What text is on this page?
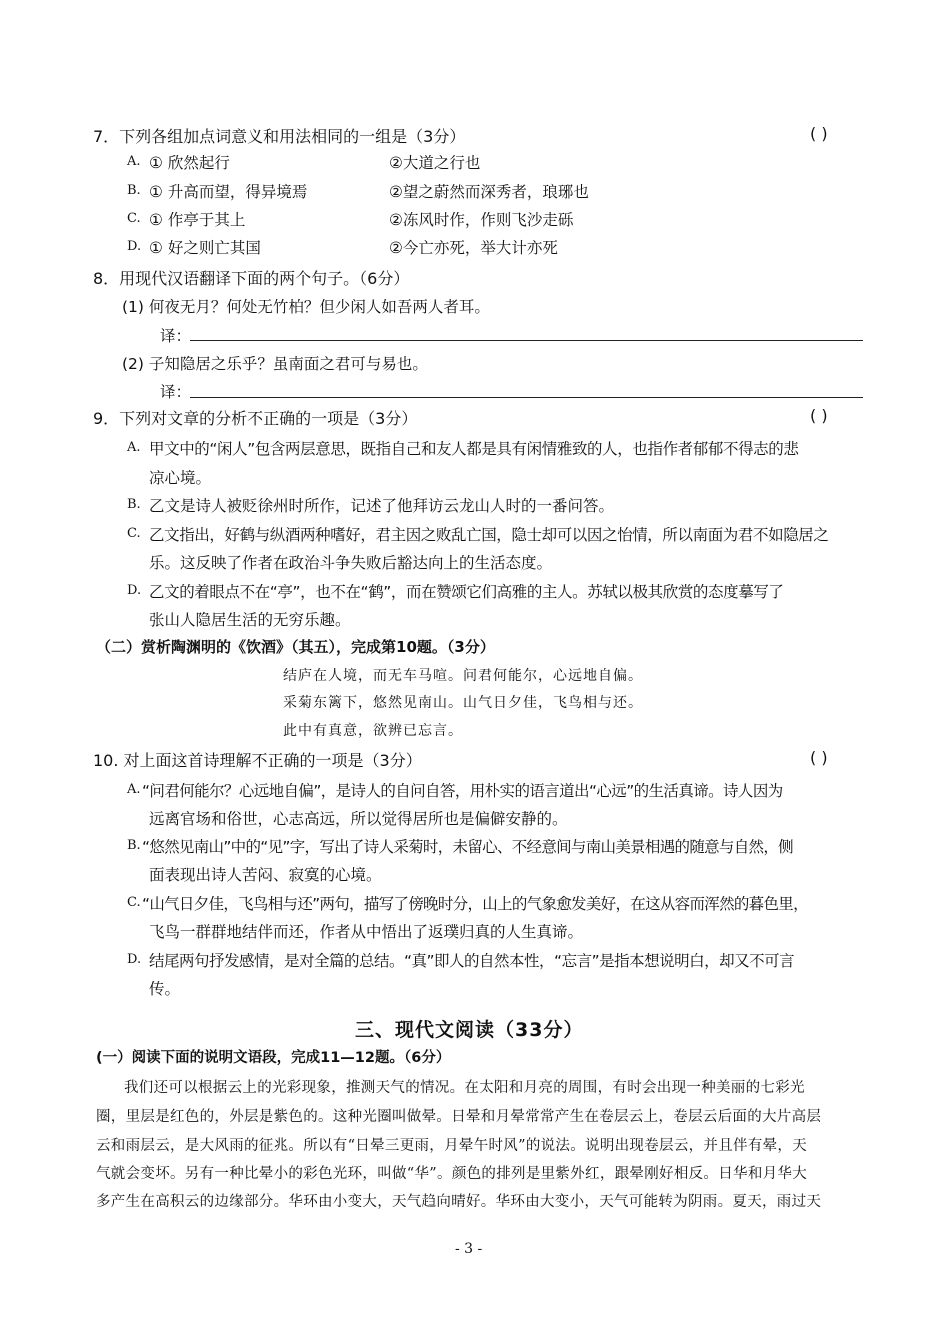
7．下列各组加点词意义和用法相同的一组是（3分）	( )
A. ① 欣然起行	②大道之行也
B. ① 升高而望，得异境焉	②望之蔚然而深秀者，琅琊也
C. ① 作亭于其上	②冻风时作，作则飞沙走砾
D. ① 好之则亡其国	②今亡亦死，举大计亦死
8．用现代汉语翻译下面的两个句子。（6分）
(1) 何夜无月？何处无竹柏？但少闲人如吾两人者耳。
译：
(2) 子知隐居之乐乎？虽南面之君可与易也。
译：
9．下列对文章的分析不正确的一项是（3分）	( )
A. 甲文中的“闲人”包含两层意思，既指自己和友人都是具有闲情雅致的人，也指作者郁郁不得志的悲
凉心境。
B. 乙文是诗人被贬徐州时所作，记述了他拜访云龙山人时的一番问答。
C. 乙文指出，好鹤与纵酒两种嗜好，君主因之败乱亡国，隐士却可以因之怡情，所以南面为君不如隐居之
乐。这反映了作者在政治斗争失败后豁达向上的生活态度。
D. 乙文的着眼点不在“亭”，也不在“鹤”，而在赞颂它们高雅的主人。苏轼以极其欣赏的态度摹写了
张山人隐居生活的无穷乐趣。
（二）赏析陶渊明的《饮酒》（其五），完成第10题。（3分）
结庐在人境，而无车马喧。问君何能尔，心远地自偏。
采菊东篱下，悠然见南山。山气日夕佳，飞鸟相与还。
此中有真意，欲辨已忘言。
10. 对上面这首诗理解不正确的一项是（3分）	( )
A. “问君何能尔？心远地自偏”，是诗人的自问自答，用朴实的语言道出“心远”的生活真谛。诗人因为
远离官场和俗世，心志高远，所以觉得居所也是偏僻安静的。
B. “悠然见南山”中的“见”字，写出了诗人采菊时，未留心、不经意间与南山美景相遇的随意与自然，侧
面表现出诗人苦闷、寂寞的心境。
C. “山气日夕佳，飞鸟相与还”两句，描写了傍晚时分，山上的气象愈发美好，在这从容而浑然的暮色里，
飞鸟一群群地结伴而还，作者从中悟出了返璞归真的人生真谛。
D. 结尾两句抒发感情，是对全篇的总结。“真”即人的自然本性，“忘言”是指本想说明白，却又不可言
传。
三、现代文阅读（33分）
(一）阅读下面的说明文语段，完成11—12题。（6分）
我们还可以根据云上的光彩现象，推测天气的情况。在太阳和月亮的周围，有时会出现一种美丽的七彩光
圈，里层是红色的，外层是紫色的。这种光圈叫做晕。日晕和月晕常常产生在卷层云上，卷层云后面的大片高层
云和雨层云，是大风雨的征兆。所以有“日晕三更雨，月晕午时风”的说法。说明出现卷层云，并且伴有晕，天
气就会变坏。另有一种比晕小的彩色光环，叫做“华”。颜色的排列是里紫外红，跟晕刚好相反。日华和月华大
多产生在高积云的边缘部分。华环由小变大，天气趋向晴好。华环由大变小，天气可能转为阴雨。夏天，雨过天
- 3 -
